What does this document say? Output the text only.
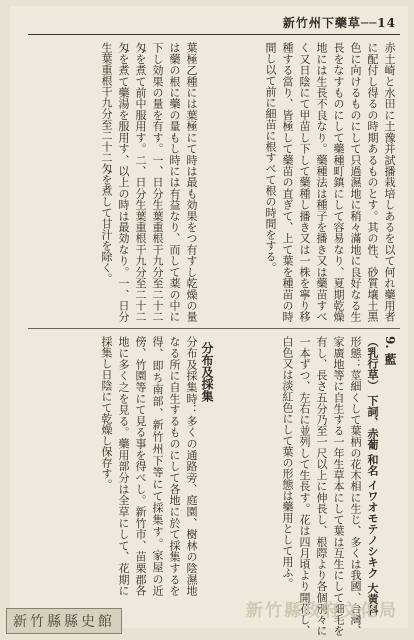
新竹州下藥草──14

赤土崎と水田に土豫并試播栽培しあるを以て何れ藥用者に配付し得るの時期あるものとす。其の性、砂質壤土黒色に向けるものにして只過濕地に稍々滿地に良好なる生長をなすものにして藥種町鎮にして容易なり、夏期乾燥地には生長不良なり。藥種法は種子を播き又は藥苗すべく又日陰にて甲苗し下して藥種し播き又は一株を寧り移種する當り、皆極して藥苗の直ぎて、上て葉を種苗の時間し以て前に細苗に根すべて根の時間をする。

葉極乙種には葉極にて時は最も効果をつ有すし乾燥の量は藥の根に藥の量もし時には有益なり、而して薬の中に下し効果の量を有す。一、日分生葉重根干九分至二十二匁を煮て前中服用す。二、日分生葉重根干九分至二十二匁を煮て藥湯を服用す、以上の時は最効なり。一、日分生葉重根干九分至二十二匁を煮して甘汁を除く。

9. 藍
（乳行草） 下詞、赤葡 和名 イワオモテノシキク 大黄科

形態：莖細くして葉柄の花木相に生じ、多くは我國、台灣、家廣地等に自生する一年生草本にして葉は互生にして細毛を有し、長さ五分乃至一尺以上に伸長し、根際より各個別々に一本ずつ、左右に並列して生長す。花は四月頃より開花し、白色又は淡紅色にして葉の形態は藥用として用ふ。

分布及採集

分布及採集時：多くの通路旁、庭園、樹林の陰濕地なる所に自生するものにして各地に於て採集するを得、即ち南部、新竹州下等にて採集す。家屋の近傍、竹園等にて見る事を得べし。新竹市、苗栗郡各地に多く之を見る。藥用部分は全草にして、花期に採集し日陰にて乾燥し保存す。

新竹縣政府文化局
新竹縣縣史館
